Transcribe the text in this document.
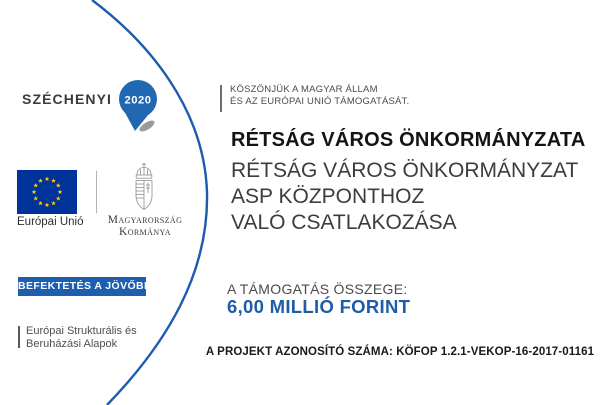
SZÉCHENYI 2020
Európai Unió	Magyarország
Kormánya
BEFEKTETÉS A JÖVŐBE
Európai Strukturális és
Beruházási Alapok
KÖSZÖNJÜK A MAGYAR ÁLLAM
ÉS AZ EURÓPAI UNIÓ TÁMOGATÁSÁT.
RÉTSÁG VÁROS ÖNKORMÁNYZATA
RÉTSÁG VÁROS ÖNKORMÁNYZAT
ASP KÖZPONTHOZ
VALÓ CSATLAKOZÁSA
A TÁMOGATÁS ÖSSZEGE:
6,00 MILLIÓ FORINT
A PROJEKT AZONOSÍTÓ SZÁMA: KÖFOP 1.2.1-VEKOP-16-2017-01161
